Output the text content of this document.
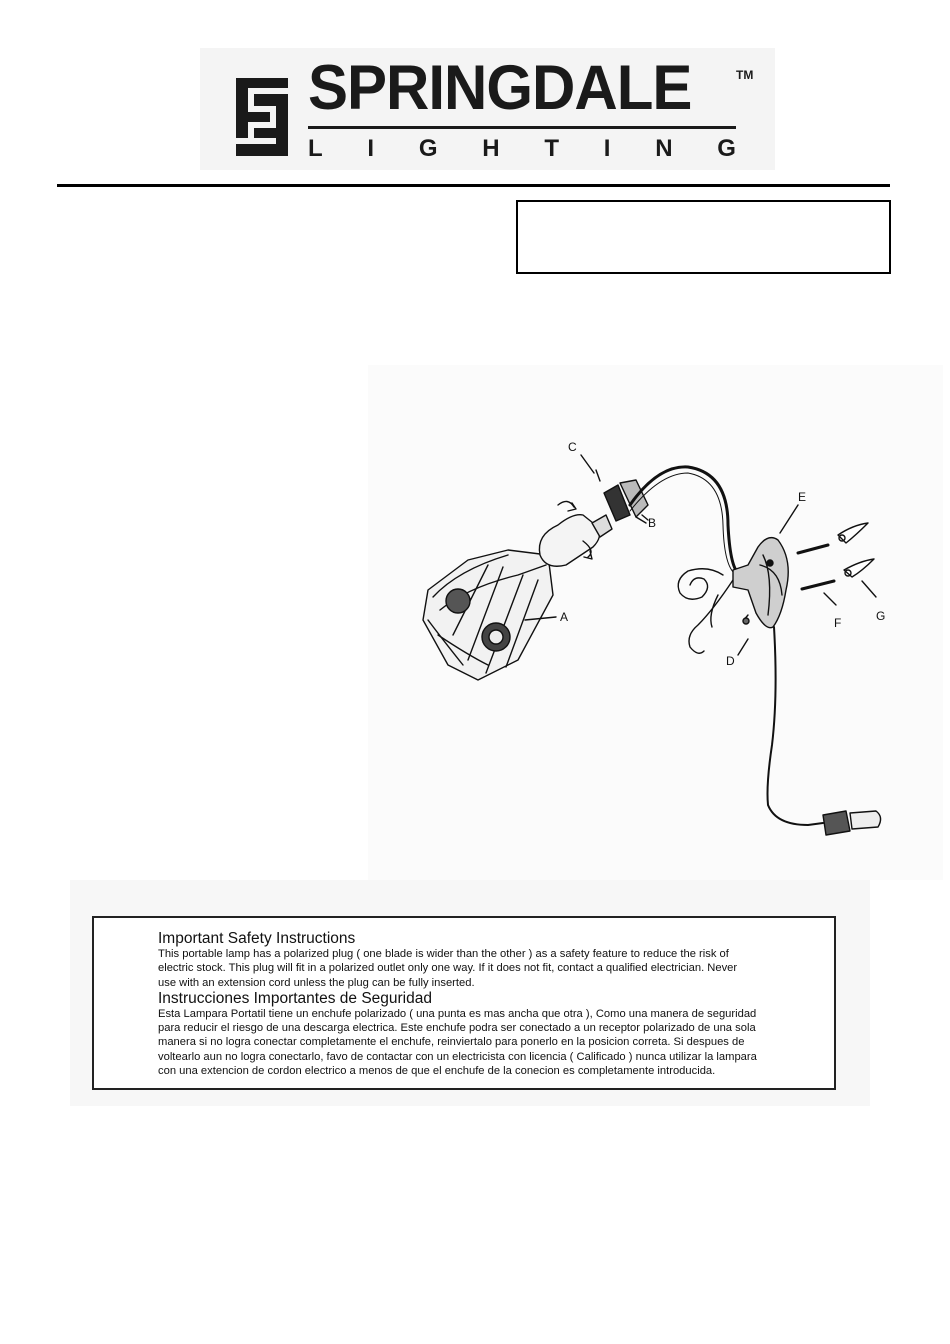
SPRINGDALE	TM
L I G H T I N G
A
B
C
D
E
F	G
Important Safety Instructions
This portable lamp has a polarized plug ( one blade is wider than the other ) as a safety feature to reduce the risk of
electric stock. This plug will fit in a polarized outlet only one way. If it does not fit, contact a qualified electrician. Never
use with an extension cord unless the plug can be fully inserted.
Instrucciones Importantes de Seguridad
Esta Lampara Portatil tiene un enchufe polarizado ( una punta es mas ancha que otra ), Como una manera de seguridad
para reducir el riesgo de una descarga electrica. Este enchufe podra ser conectado a un receptor polarizado de una sola
manera si no logra conectar completamente el enchufe, reinviertalo para ponerlo en la posicion correta. Si despues de
voltearlo aun no logra conectarlo, favo de contactar con un electricista con licencia ( Calificado ) nunca utilizar la lampara
con una extencion de cordon electrico a menos de que el enchufe de la conecion es completamente introducida.
